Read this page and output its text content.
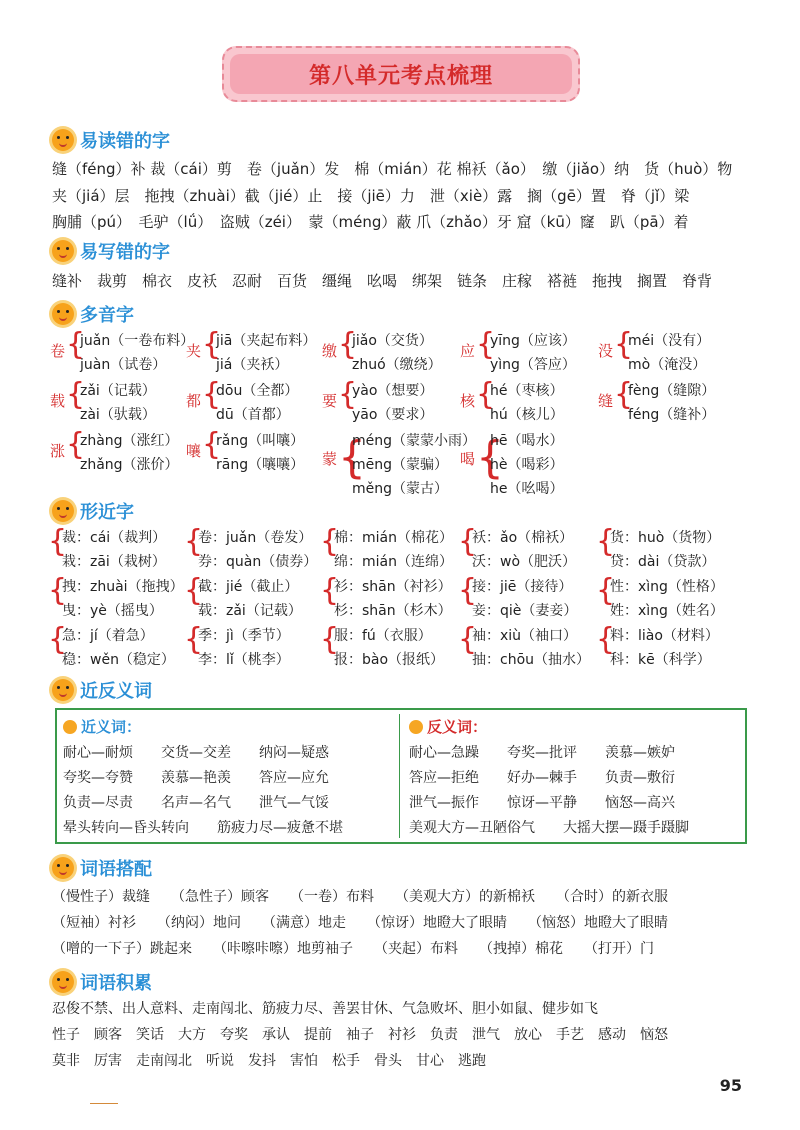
第八单元考点梳理
易读错的字
缝（féng）补 裁（cái）剪　卷（juǎn）发　棉（mián）花 棉袄（ǎo）　缴（jiǎo）纳　货（huò）物
夹（jiá）层　拖拽（zhuài）截（jié）止　接（jiē）力　泄（xiè）露　搁（gē）置　脊（jǐ）梁
胸脯（pú）　毛驴（lǘ）　盗贼（zéi）　蒙（méng）蔽 爪（zhǎo）牙 窟（kū）窿　趴（pā）着
易写错的字
缝补　裁剪　棉衣　皮袄　忍耐　百货　缰绳　吆喝　绑架　链条　庄稼　褡裢　拖拽　搁置　脊背
多音字
卷 {
juǎn（一卷布料）
juàn（试卷）
夹 {
jiā（夹起布料）
jiá（夹袄）
缴 {
jiǎo（交货）
zhuó（缴绕）
应 {
yīng（应该）
yìng（答应）
没 {
méi（没有）
mò（淹没）
载 {
zǎi（记载）
zài（驮载）
都 {
dōu（全都）
dū（首都）
要 {
yào（想要）
yāo（要求）
核 {
hé（枣核）
hú（核儿）
缝 {
fèng（缝隙）
féng（缝补）
涨 {
zhàng（涨红）
zhǎng（涨价）
嚷 {
rǎng（叫嚷）
rāng（嚷嚷） 蒙 {
méng（蒙蒙小雨）
mēng（蒙骗）
měng（蒙古）
喝 {
hē（喝水）
hè（喝彩）
he（吆喝）
形近字
{
裁：cái（裁判）
栽：zāi（栽树）
{
卷：juǎn（卷发）
券：quàn（债券）
{
棉：mián（棉花）
绵：mián（连绵）
{
袄：ǎo（棉袄）
沃：wò（肥沃）
{
货：huò（货物）
贷：dài（贷款）
{
拽：zhuài（拖拽）
曳：yè（摇曳）
{
截：jié（截止）
载：zǎi（记载）
{
衫：shān（衬衫）
杉：shān（杉木）
{
接：jiē（接待）
妾：qiè（妻妾）
{
性：xìng（性格）
姓：xìng（姓名）
{
急：jí（着急）
稳：wěn（稳定）
{
季：jì（季节）
李：lǐ（桃李）
{
服：fú（衣服）
报：bào（报纸）
{
袖：xiù（袖口）
抽：chōu（抽水）
{
料：liào（材料）
科：kē（科学）
近反义词
近义词：	反义词：
耐心—耐烦　　交货—交差　　纳闷—疑惑
夸奖—夸赞　　羡慕—艳羡　　答应—应允
负责—尽责　　名声—名气　　泄气—气馁
晕头转向—昏头转向　　筋疲力尽—疲惫不堪
耐心—急躁　　夸奖—批评　　羡慕—嫉妒
答应—拒绝　　好办—棘手　　负责—敷衍
泄气—振作　　惊讶—平静　　恼怒—高兴
美观大方—丑陋俗气　　大摇大摆—蹑手蹑脚
词语搭配
（慢性子）裁缝　　（急性子）顾客　　（一卷）布料　　（美观大方）的新棉袄　　（合时）的新衣服
（短袖）衬衫　　（纳闷）地问　　（满意）地走　　（惊讶）地瞪大了眼睛　　（恼怒）地瞪大了眼睛
（噌的一下子）跳起来　　（咔嚓咔嚓）地剪袖子　　（夹起）布料　　（拽掉）棉花　　（打开）门
词语积累
忍俊不禁、出人意料、走南闯北、筋疲力尽、善罢甘休、气急败坏、胆小如鼠、健步如飞
性子　顾客　笑话　大方　夸奖　承认　提前　袖子　衬衫　负责　泄气　放心　手艺　感动　恼怒
莫非　厉害　走南闯北　听说　发抖　害怕　松手　骨头　甘心　逃跑
95
